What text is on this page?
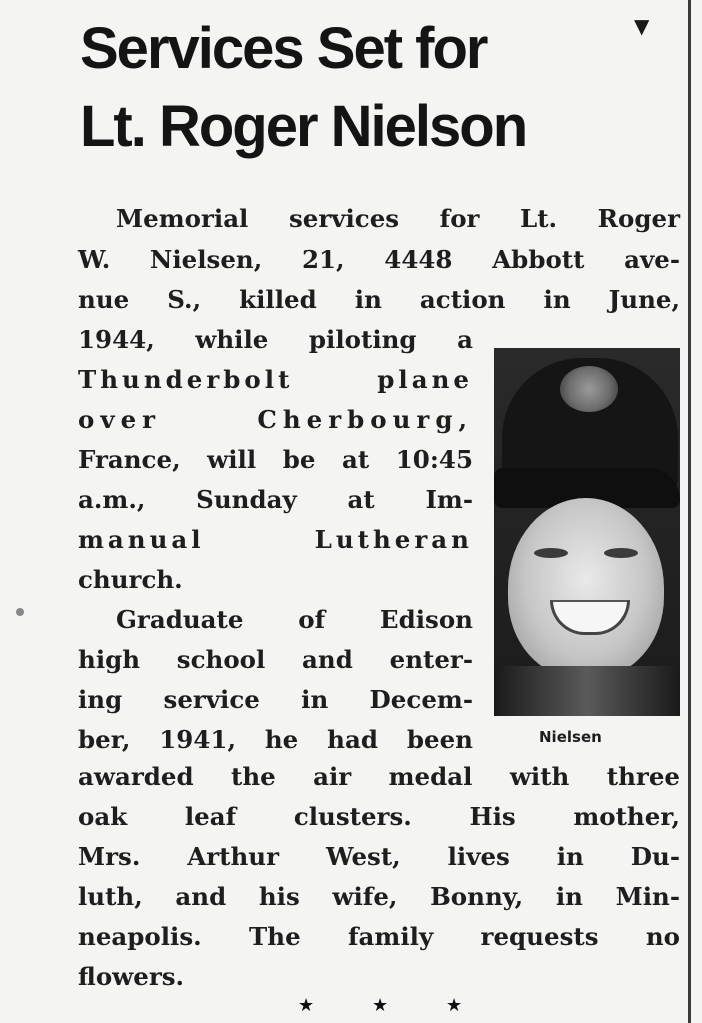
▼
Services Set for
Lt. Roger Nielson
Memorial services for Lt. Roger
W. Nielsen, 21, 4448 Abbott ave-
nue S., killed in action in June,
1944, while piloting a
Thunderbolt plane
over Cherbourg,
France, will be at 10:45
a.m., Sunday at Im-
manual Lutheran
church.
Graduate of Edison
high school and enter-
ing service in Decem-
ber, 1941, he had been
awarded the air medal with three
oak leaf clusters. His mother,
Mrs. Arthur West, lives in Du-
luth, and his wife, Bonny, in Min-
neapolis. The family requests no
flowers.
Nielsen
★	★	★
